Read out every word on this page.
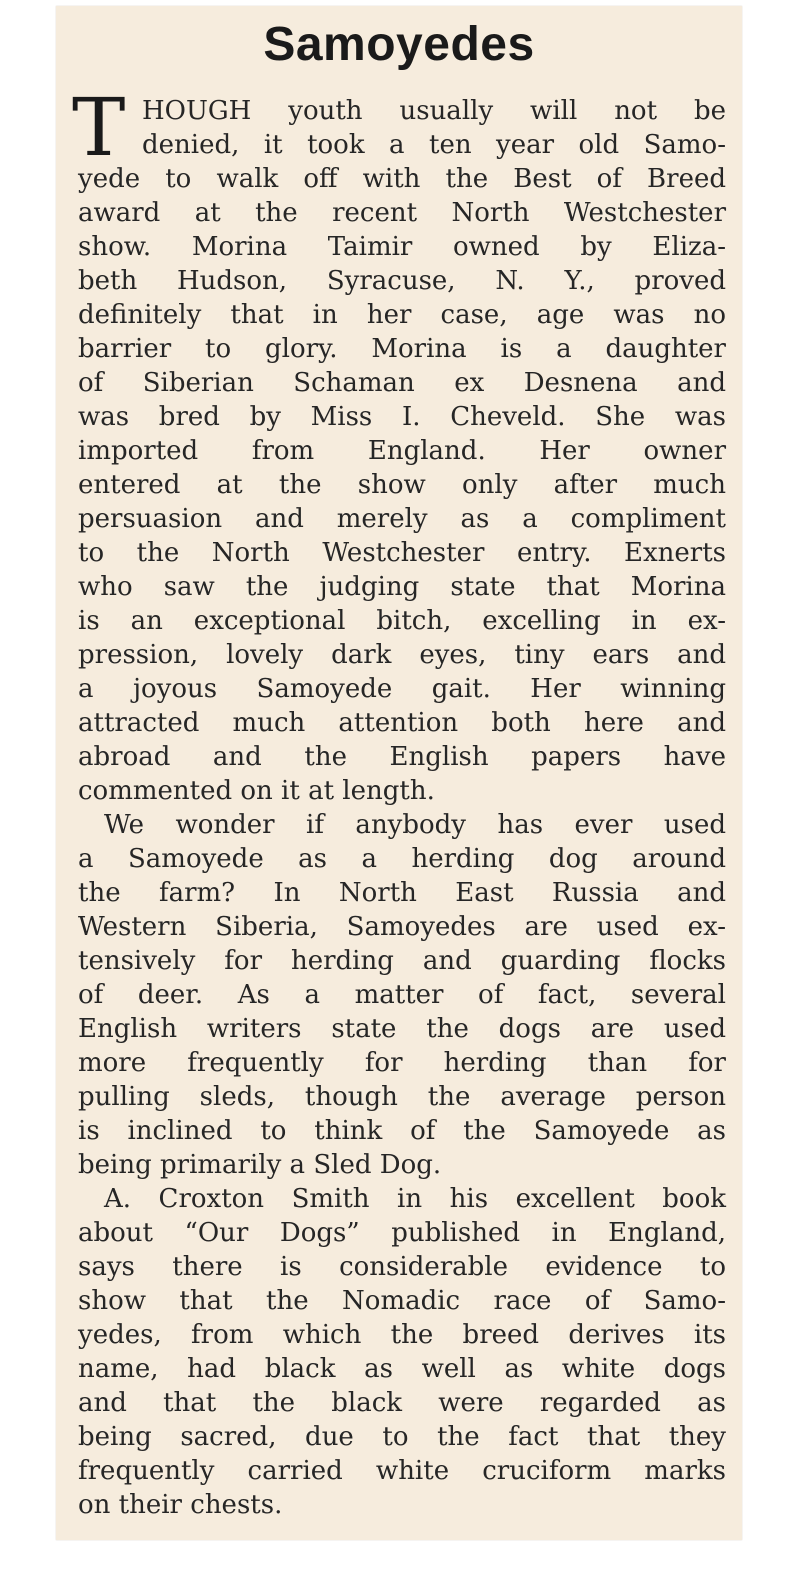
Samoyedes
T HOUGH youth usually will not be
denied, it took a ten year old Samo-
yede to walk off with the Best of Breed
award at the recent North Westchester
show. Morina Taimir owned by Eliza-
beth Hudson, Syracuse, N. Y., proved
definitely that in her case, age was no
barrier to glory. Morina is a daughter
of Siberian Schaman ex Desnena and
was bred by Miss I. Cheveld. She was
imported from England. Her owner
entered at the show only after much
persuasion and merely as a compliment
to the North Westchester entry. Exnerts
who saw the judging state that Morina
is an exceptional bitch, excelling in ex-
pression, lovely dark eyes, tiny ears and
a joyous Samoyede gait. Her winning
attracted much attention both here and
abroad and the English papers have
commented on it at length.
We wonder if anybody has ever used
a Samoyede as a herding dog around
the farm? In North East Russia and
Western Siberia, Samoyedes are used ex-
tensively for herding and guarding flocks
of deer. As a matter of fact, several
English writers state the dogs are used
more frequently for herding than for
pulling sleds, though the average person
is inclined to think of the Samoyede as
being primarily a Sled Dog.
A. Croxton Smith in his excellent book
about “Our Dogs” published in England,
says there is considerable evidence to
show that the Nomadic race of Samo-
yedes, from which the breed derives its
name, had black as well as white dogs
and that the black were regarded as
being sacred, due to the fact that they
frequently carried white cruciform marks
on their chests.
